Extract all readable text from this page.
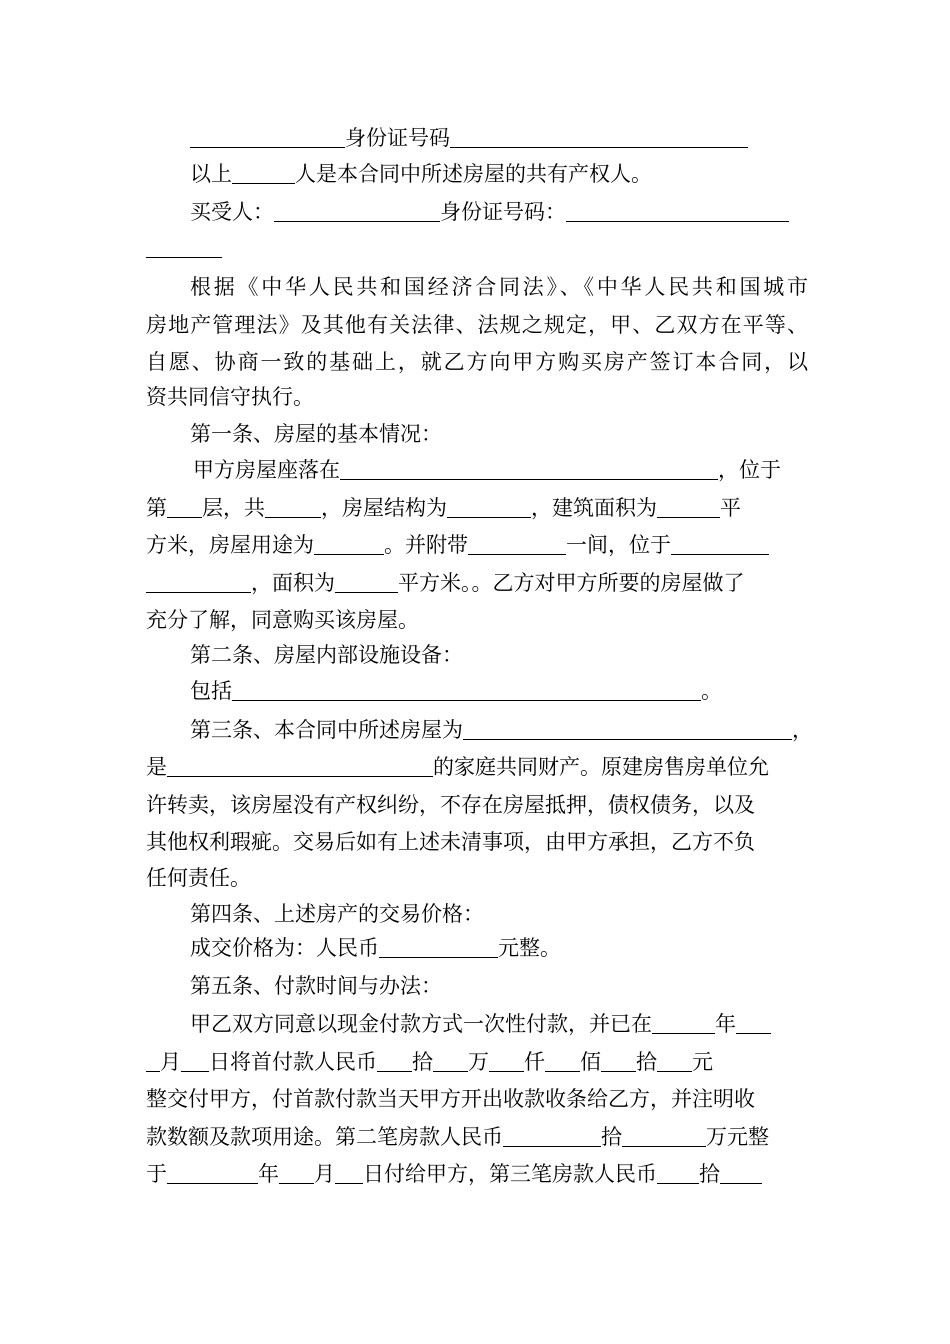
身份证号码
以上	人是本合同中所述房屋的共有产权人。
买受人：	身份证号码：
根据《中华人民共和国经济合同法》、《中华人民共和国城市
房地产管理法》及其他有关法律、法规之规定，甲、乙双方在平等、
自愿、协商一致的基础上，就乙方向甲方购买房产签订本合同，以
资共同信守执行。
第一条、房屋的基本情况：
甲方房屋座落在	，位于
第 层，共	，房屋结构为	，建筑面积为	平
方米，房屋用途为	。并附带	一间，位于
，面积为	平方米。。乙方对甲方所要的房屋做了
充分了解，同意购买该房屋。
第二条、房屋内部设施设备：
包括	。
第三条、本合同中所述房屋为	，
是	的家庭共同财产。原建房售房单位允
许转卖，该房屋没有产权纠纷，不存在房屋抵押，债权债务，以及
其他权利瑕疵。交易后如有上述未清事项，由甲方承担，乙方不负
任何责任。
第四条、上述房产的交易价格：
成交价格为：人民币	元整。
第五条、付款时间与办法：
甲乙双方同意以现金付款方式一次性付款，并已在	年
月 日将首付款人民币 拾 万 仟 佰 拾 元
整交付甲方，付首款付款当天甲方开出收款收条给乙方，并注明收
款数额及款项用途。第二笔房款人民币	拾	万元整
于	年 月 日付给甲方，第三笔房款人民币 拾
